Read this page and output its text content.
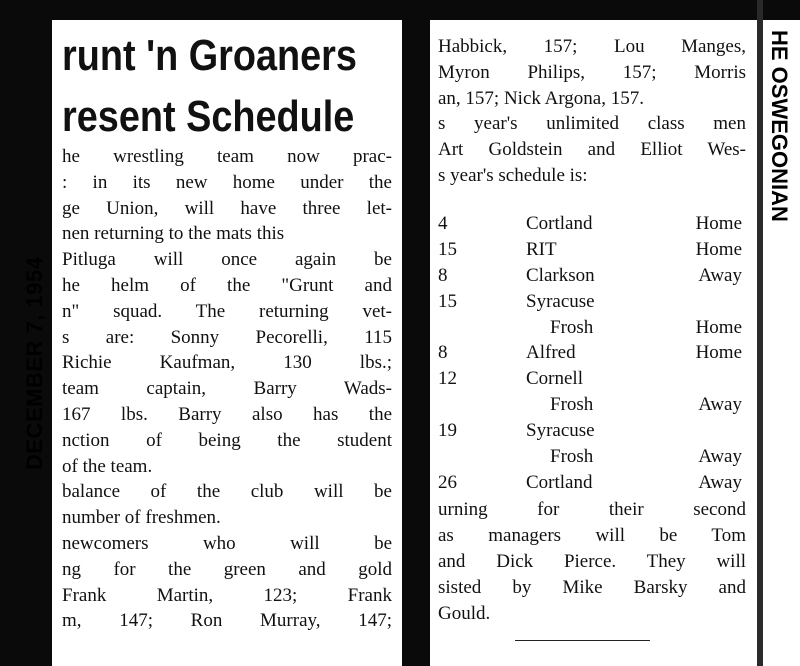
DECEMBER 7, 1954
HE OSWEGONIAN
runt 'n Groaners
resent Schedule
he wrestling team now prac-
: in its new home under the
ge Union, will have three let-
nen returning to the mats this
Pitluga will once again be
he helm of the "Grunt and
n" squad. The returning vet-
s are: Sonny Pecorelli, 115
Richie Kaufman, 130 lbs.;
team captain, Barry Wads-
167 lbs. Barry also has the
nction of being the student
of the team.
balance of the club will be
number of freshmen.
newcomers who will be
ng for the green and gold
Frank Martin, 123; Frank
m, 147; Ron Murray, 147;
Habbick, 157; Lou Manges,
Myron Philips, 157; Morris
an, 157; Nick Argona, 157.
s year's unlimited class men
Art Goldstein and Elliot Wes-
s year's schedule is:
4	Cortland	Home
15	RIT	Home
8	Clarkson	Away
15	Syracuse
Frosh	Home
8	Alfred	Home
12	Cornell
Frosh	Away
19	Syracuse
Frosh	Away
26	Cortland	Away
urning for their second
as managers will be Tom
and Dick Pierce. They will
sisted by Mike Barsky and
Gould.
